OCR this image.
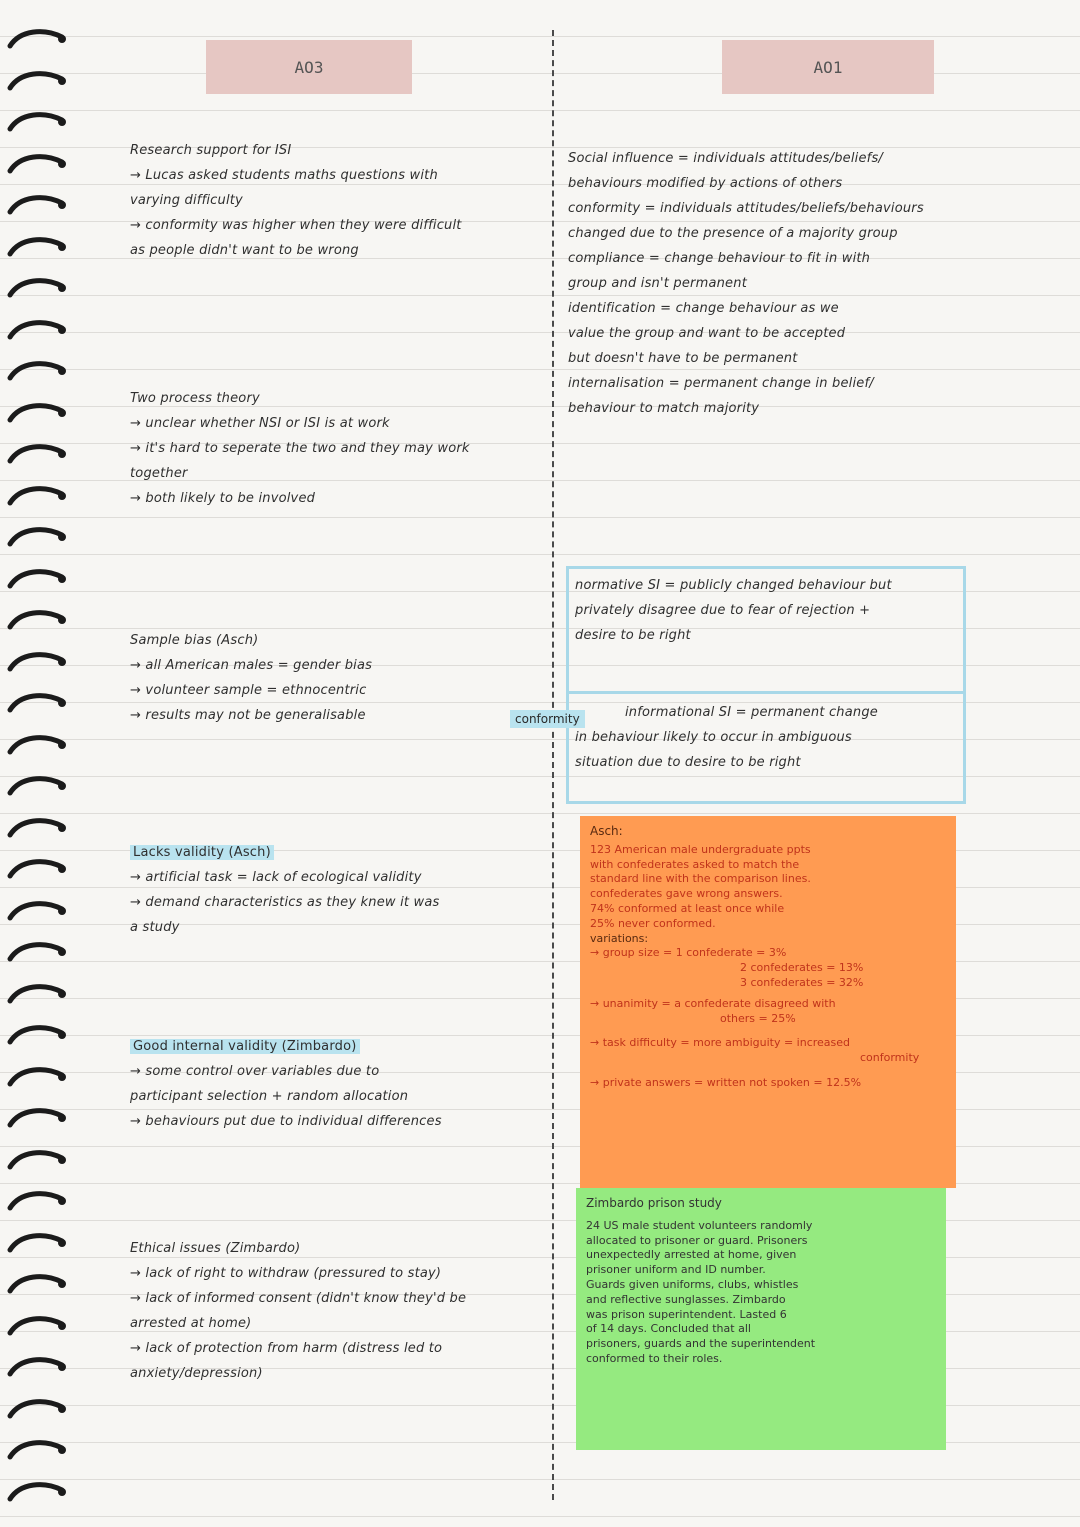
AO3	AO1
Research support for ISI
→ Lucas asked students maths questions with
varying difficulty
→ conformity was higher when they were difficult
as people didn't want to be wrong
Two process theory
→ unclear whether NSI or ISI is at work
→ it's hard to seperate the two and they may work
together
→ both likely to be involved
Sample bias (Asch)
→ all American males = gender bias
→ volunteer sample = ethnocentric
→ results may not be generalisable
Lacks validity (Asch)
→ artificial task = lack of ecological validity
→ demand characteristics as they knew it was
a study
Good internal validity (Zimbardo)
→ some control over variables due to
participant selection + random allocation
→ behaviours put due to individual differences
Ethical issues (Zimbardo)
→ lack of right to withdraw (pressured to stay)
→ lack of informed consent (didn't know they'd be
arrested at home)
→ lack of protection from harm (distress led to
anxiety/depression)
Social influence = individuals attitudes/beliefs/
behaviours modified by actions of others
conformity = individuals attitudes/beliefs/behaviours
changed due to the presence of a majority group
compliance = change behaviour to fit in with
group and isn't permanent
identification = change behaviour as we
value the group and want to be accepted
but doesn't have to be permanent
internalisation = permanent change in belief/
behaviour to match majority
normative SI = publicly changed behaviour but
privately disagree due to fear of rejection +
desire to be right
informational SI = permanent change
in behaviour likely to occur in ambiguous
situation due to desire to be right
conformity
Asch:
123 American male undergraduate ppts
with confederates asked to match the
standard line with the comparison lines.
confederates gave wrong answers.
74% conformed at least once while
25% never conformed.
variations:
→ group size = 1 confederate = 3%
2 confederates = 13%
3 confederates = 32%
→ unanimity = a confederate disagreed with
others = 25%
→ task difficulty = more ambiguity = increased
conformity
→ private answers = written not spoken = 12.5%
Zimbardo prison study
24 US male student volunteers randomly
allocated to prisoner or guard. Prisoners
unexpectedly arrested at home, given
prisoner uniform and ID number.
Guards given uniforms, clubs, whistles
and reflective sunglasses. Zimbardo
was prison superintendent. Lasted 6
of 14 days. Concluded that all
prisoners, guards and the superintendent
conformed to their roles.
